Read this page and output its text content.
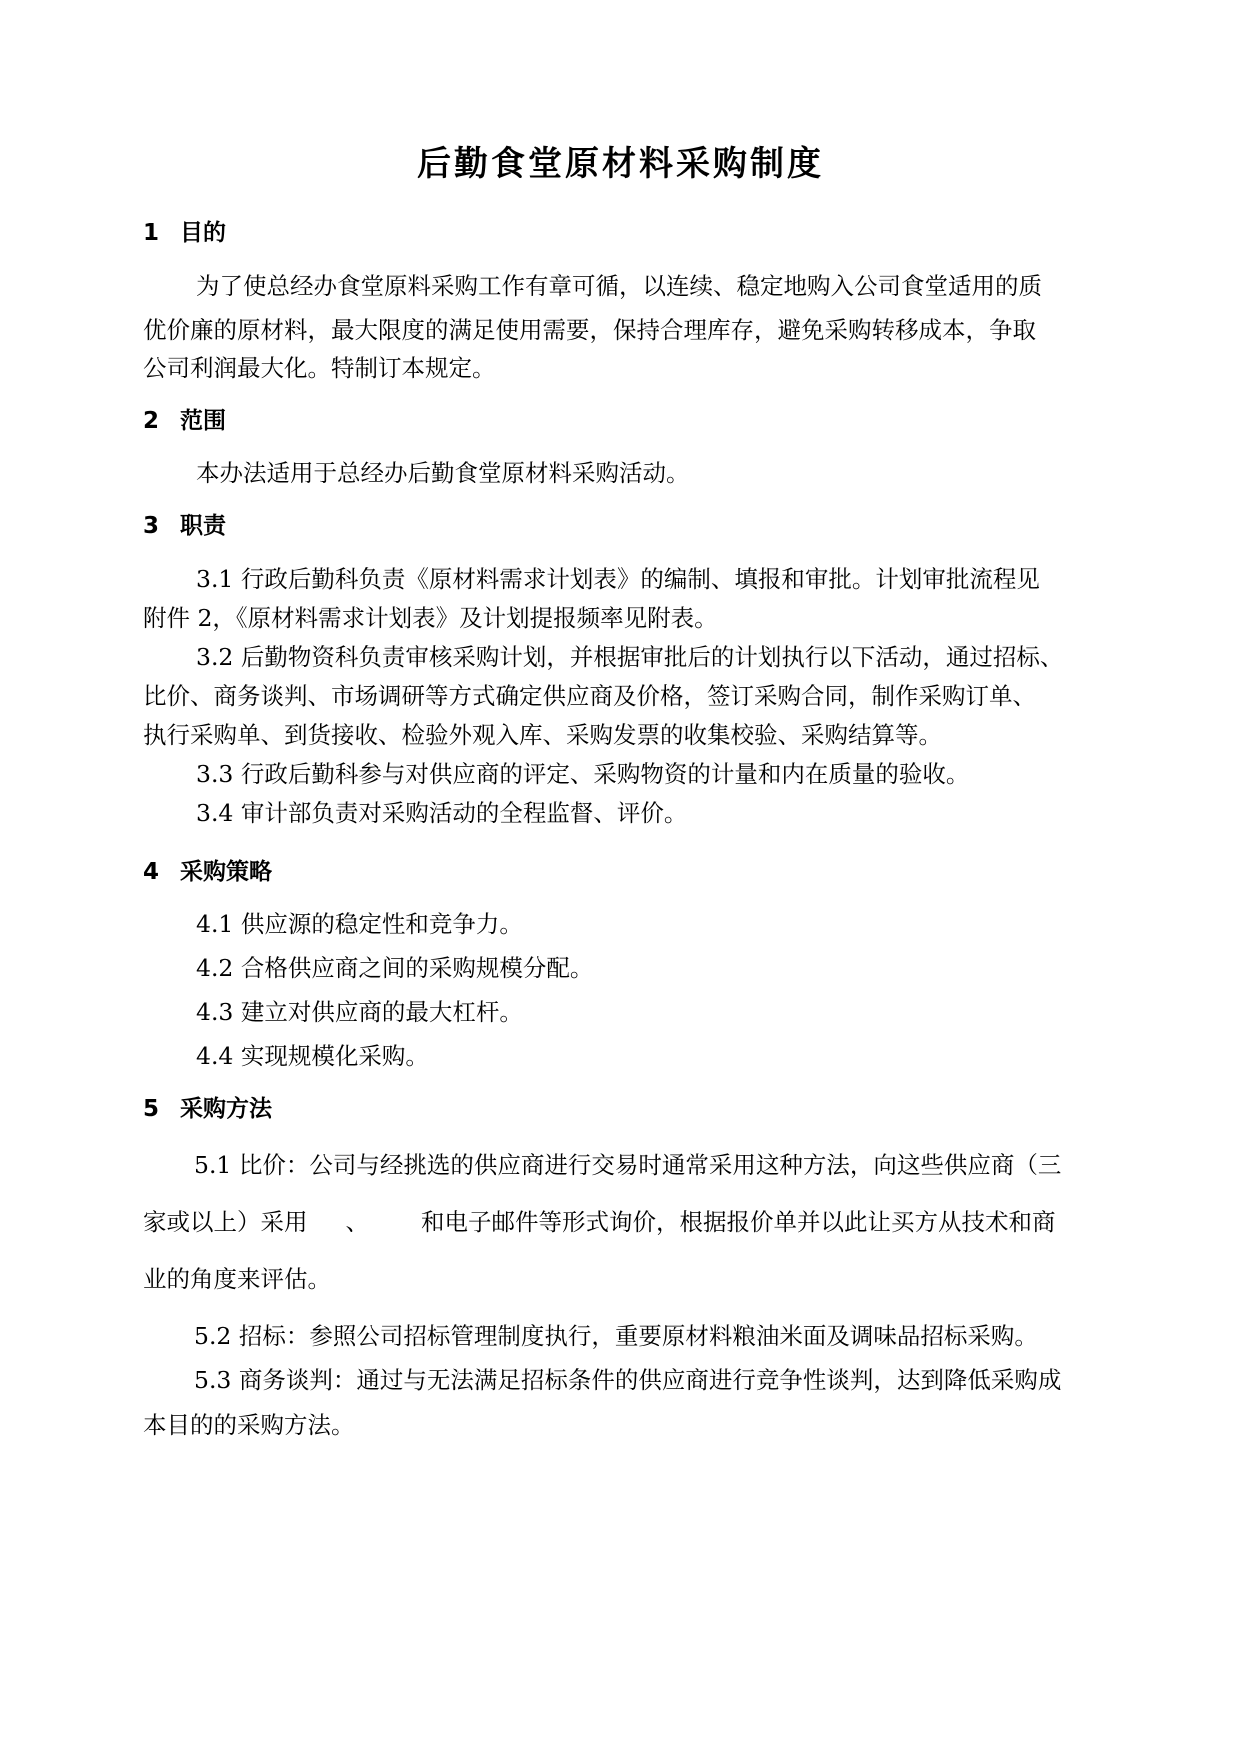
后勤食堂原材料采购制度
1 目的
为了使总经办食堂原料采购工作有章可循，以连续、稳定地购入公司食堂适用的质
优价廉的原材料，最大限度的满足使用需要，保持合理库存，避免采购转移成本，争取
公司利润最大化。特制订本规定。
2 范围
本办法适用于总经办后勤食堂原材料采购活动。
3 职责
3.1 行政后勤科负责《原材料需求计划表》的编制、填报和审批。计划审批流程见
附件 2，《原材料需求计划表》及计划提报频率见附表。
3.2 后勤物资科负责审核采购计划，并根据审批后的计划执行以下活动，通过招标、
比价、商务谈判、市场调研等方式确定供应商及价格，签订采购合同，制作采购订单、
执行采购单、到货接收、检验外观入库、采购发票的收集校验、采购结算等。
3.3 行政后勤科参与对供应商的评定、采购物资的计量和内在质量的验收。
3.4 审计部负责对采购活动的全程监督、评价。
4 采购策略
4.1 供应源的稳定性和竞争力。
4.2 合格供应商之间的采购规模分配。
4.3 建立对供应商的最大杠杆。
4.4 实现规模化采购。
5 采购方法
5.1 比价：公司与经挑选的供应商进行交易时通常采用这种方法，向这些供应商（三
家或以上）采用 、 和电子邮件等形式询价，根据报价单并以此让买方从技术和商
业的角度来评估。
5.2 招标：参照公司招标管理制度执行，重要原材料粮油米面及调味品招标采购。
5.3 商务谈判：通过与无法满足招标条件的供应商进行竞争性谈判，达到降低采购成
本目的的采购方法。
